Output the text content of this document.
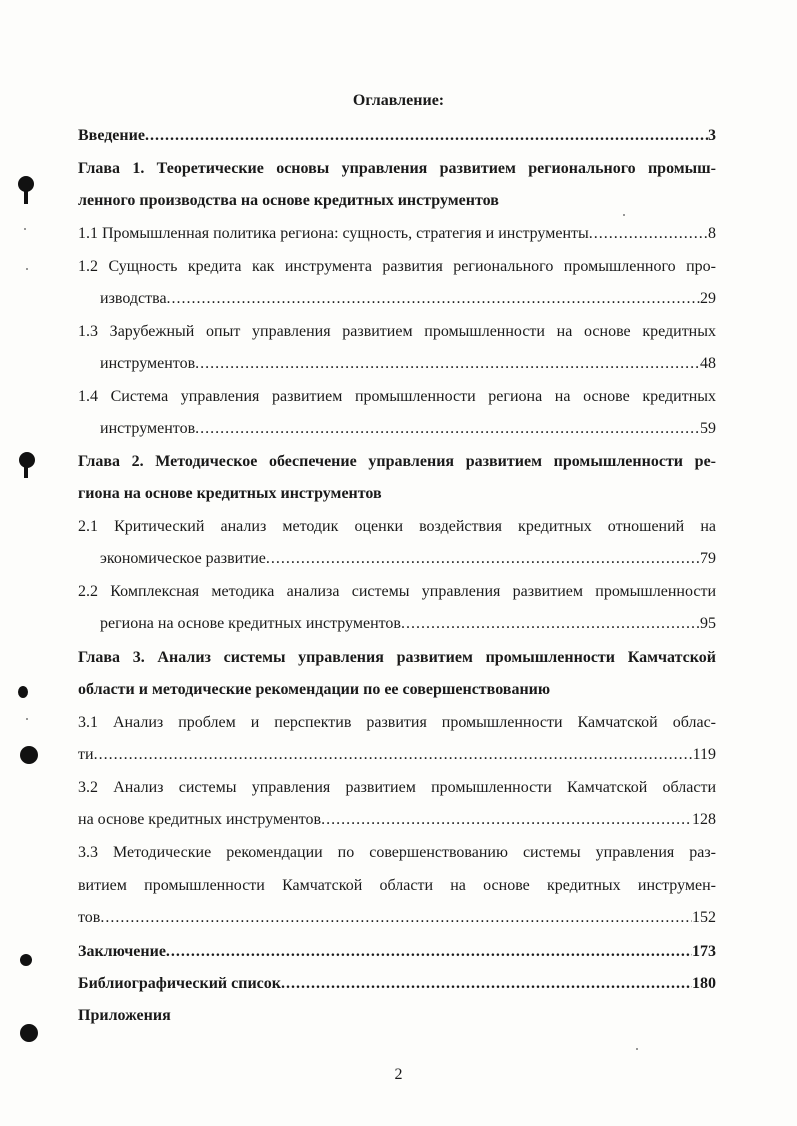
Оглавление:
Введение .....	3
Глава 1. Теоретические основы управления развитием регионального промыш-
ленного производства на основе кредитных инструментов
1.1 Промышленная политика региона: сущность, стратегия и инструменты .....	8
1.2 Сущность кредита как инструмента развития регионального промышленного про-
изводства .....	29
1.3 Зарубежный опыт управления развитием промышленности на основе кредитных
инструментов .....	48
1.4 Система управления развитием промышленности региона на основе кредитных
инструментов .....	59
Глава 2. Методическое обеспечение управления развитием промышленности ре-
гиона на основе кредитных инструментов
2.1 Критический анализ методик оценки воздействия кредитных отношений на
экономическое развитие .....	79
2.2 Комплексная методика анализа системы управления развитием промышленности
региона на основе кредитных инструментов .....	95
Глава 3. Анализ системы управления развитием промышленности Камчатской
области и методические рекомендации по ее совершенствованию
3.1 Анализ проблем и перспектив развития промышленности Камчатской облас-
ти .....	119
3.2 Анализ системы управления развитием промышленности Камчатской области
на основе кредитных инструментов .....	128
3.3 Методические рекомендации по совершенствованию системы управления раз-
витием промышленности Камчатской области на основе кредитных инструмен-
тов .....	152
Заключение .....	173
Библиографический список .....	180
Приложения
2
